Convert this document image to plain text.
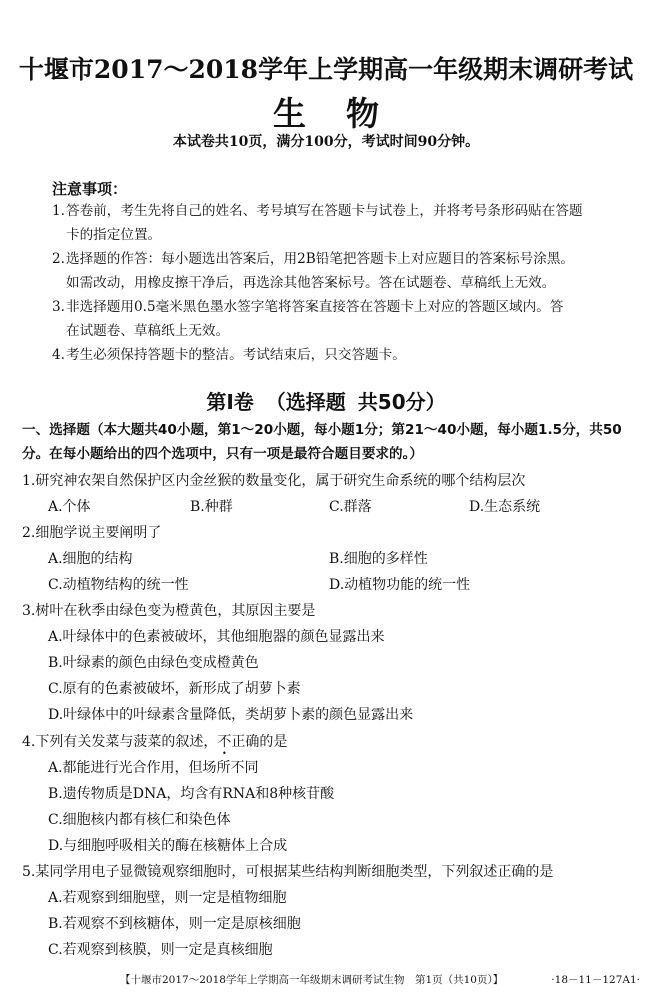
十堰市2017～2018学年上学期高一年级期末调研考试
生物
本试卷共10页，满分100分，考试时间90分钟。
注意事项：
1.答卷前，考生先将自己的姓名、考号填写在答题卡与试卷上，并将考号条形码贴在答题
卡的指定位置。
2.选择题的作答：每小题选出答案后，用2B铅笔把答题卡上对应题目的答案标号涂黑。
如需改动，用橡皮擦干净后，再选涂其他答案标号。答在试题卷、草稿纸上无效。
3.非选择题用0.5毫米黑色墨水签字笔将答案直接答在答题卡上对应的答题区域内。答
在试题卷、草稿纸上无效。
4.考生必须保持答题卡的整洁。考试结束后，只交答题卡。
第Ⅰ卷 （选择题 共50分）
一、选择题（本大题共40小题，第1～20小题，每小题1分；第21～40小题，每小题1.5分，共50
分。在每小题给出的四个选项中，只有一项是最符合题目要求的。）
1.研究神农架自然保护区内金丝猴的数量变化，属于研究生命系统的哪个结构层次
A.个体	B.种群	C.群落	D.生态系统
2.细胞学说主要阐明了
A.细胞的结构	B.细胞的多样性
C.动植物结构的统一性	D.动植物功能的统一性
3.树叶在秋季由绿色变为橙黄色，其原因主要是
A.叶绿体中的色素被破坏，其他细胞器的颜色显露出来
B.叶绿素的颜色由绿色变成橙黄色
C.原有的色素被破坏，新形成了胡萝卜素
D.叶绿体中的叶绿素含量降低，类胡萝卜素的颜色显露出来
4.下列有关发菜与菠菜的叙述，不正确的是
A.都能进行光合作用，但场所不同
B.遗传物质是DNA，均含有RNA和8种核苷酸
C.细胞核内都有核仁和染色体
D.与细胞呼吸相关的酶在核糖体上合成
5.某同学用电子显微镜观察细胞时，可根据某些结构判断细胞类型，下列叙述正确的是
A.若观察到细胞壁，则一定是植物细胞
B.若观察不到核糖体，则一定是原核细胞
C.若观察到核膜，则一定是真核细胞
【十堰市2017～2018学年上学期高一年级期末调研考试生物　第1页（共10页）】	·18－11－127A1·
